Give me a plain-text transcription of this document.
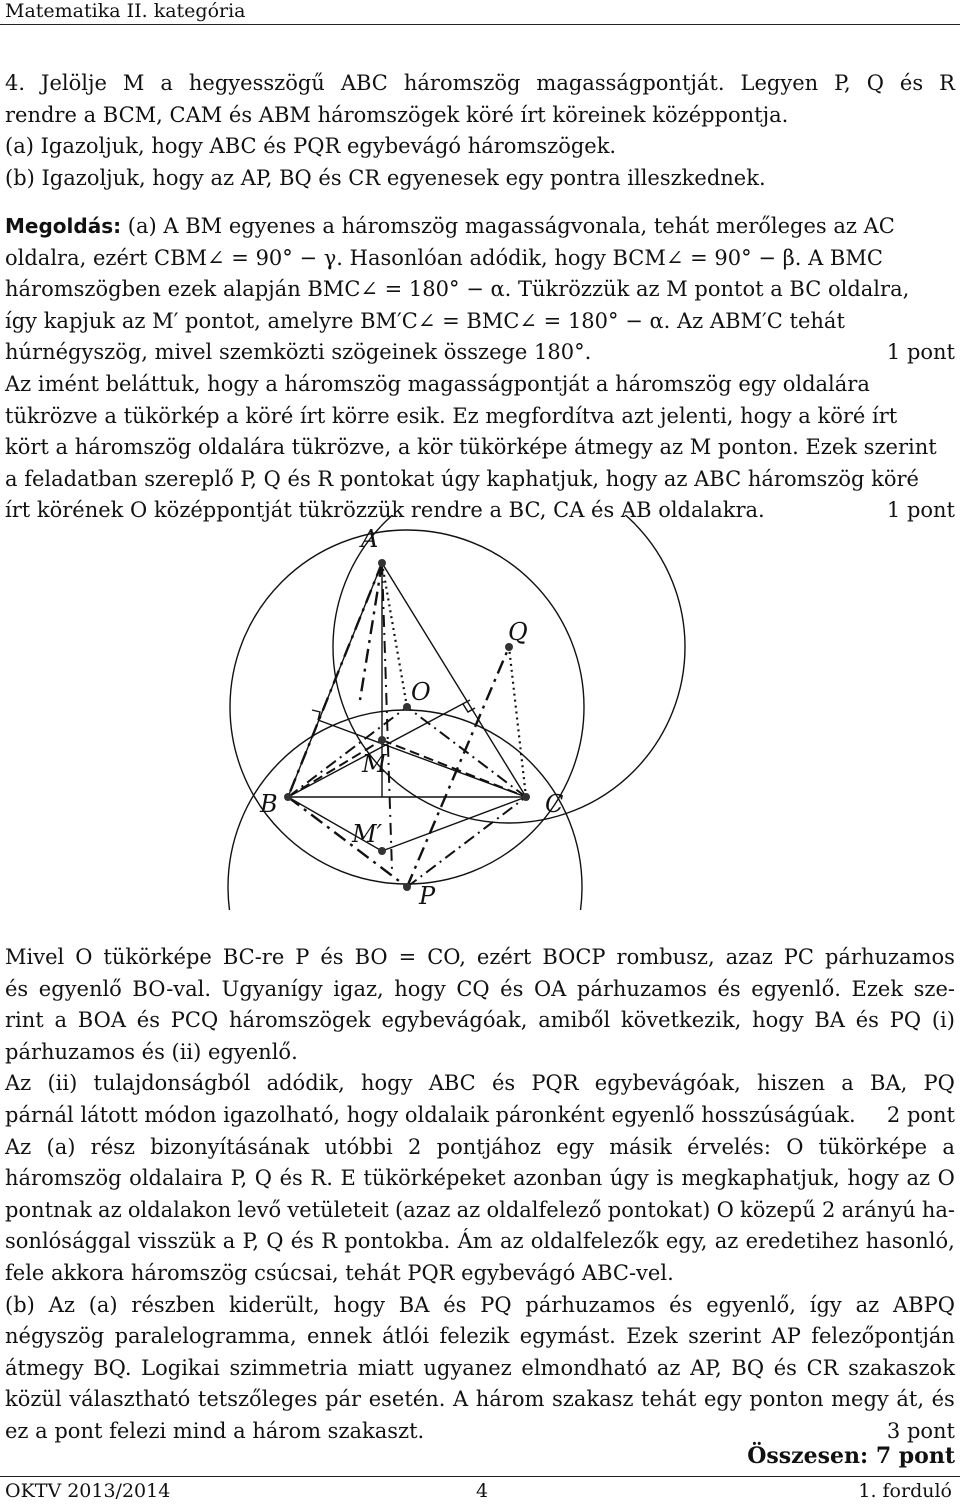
Matematika II. kategória
4. Jelölje M a hegyesszögű ABC háromszög magasságpontját. Legyen P, Q és R
rendre a BCM, CAM és ABM háromszögek köré írt köreinek középpontja.
(a) Igazoljuk, hogy ABC és PQR egybevágó háromszögek.
(b) Igazoljuk, hogy az AP, BQ és CR egyenesek egy pontra illeszkednek.
Megoldás: (a) A BM egyenes a háromszög magasságvonala, tehát merőleges az AC
oldalra, ezért CBM∠ = 90° − γ. Hasonlóan adódik, hogy BCM∠ = 90° − β. A BMC
háromszögben ezek alapján BMC∠ = 180° − α. Tükrözzük az M pontot a BC oldalra,
így kapjuk az M′ pontot, amelyre BM′C∠ = BMC∠ = 180° − α. Az ABM′C tehát
húrnégyszög, mivel szemközti szögeinek összege 180°.	1 pont
Az imént beláttuk, hogy a háromszög magasságpontját a háromszög egy oldalára
tükrözve a tükörkép a köré írt körre esik. Ez megfordítva azt jelenti, hogy a köré írt
kört a háromszög oldalára tükrözve, a kör tükörképe átmegy az M ponton. Ezek szerint
a feladatban szereplő P, Q és R pontokat úgy kaphatjuk, hogy az ABC háromszög köré
írt körének O középpontját tükrözzük rendre a BC, CA és AB oldalakra.	1 pont
A
Q
O
M
B	C
M′
P
Mivel O tükörképe BC-re P és BO = CO, ezért BOCP rombusz, azaz PC párhuzamos
és egyenlő BO-val. Ugyanígy igaz, hogy CQ és OA párhuzamos és egyenlő. Ezek sze-
rint a BOA és PCQ háromszögek egybevágóak, amiből következik, hogy BA és PQ (i)
párhuzamos és (ii) egyenlő.
Az (ii) tulajdonságból adódik, hogy ABC és PQR egybevágóak, hiszen a BA, PQ
párnál látott módon igazolható, hogy oldalaik páronként egyenlő hosszúságúak. 2 pont
Az (a) rész bizonyításának utóbbi 2 pontjához egy másik érvelés: O tükörképe a
háromszög oldalaira P, Q és R. E tükörképeket azonban úgy is megkaphatjuk, hogy az O
pontnak az oldalakon levő vetületeit (azaz az oldalfelező pontokat) O közepű 2 arányú ha-
sonlósággal visszük a P, Q és R pontokba. Ám az oldalfelezők egy, az eredetihez hasonló,
fele akkora háromszög csúcsai, tehát PQR egybevágó ABC-vel.
(b) Az (a) részben kiderült, hogy BA és PQ párhuzamos és egyenlő, így az ABPQ
négyszög paralelogramma, ennek átlói felezik egymást. Ezek szerint AP felezőpontján
átmegy BQ. Logikai szimmetria miatt ugyanez elmondható az AP, BQ és CR szakaszok
közül választható tetszőleges pár esetén. A három szakasz tehát egy ponton megy át, és
ez a pont felezi mind a három szakaszt.	3 pont
Összesen: 7 pont
OKTV 2013/2014	4	1. forduló
